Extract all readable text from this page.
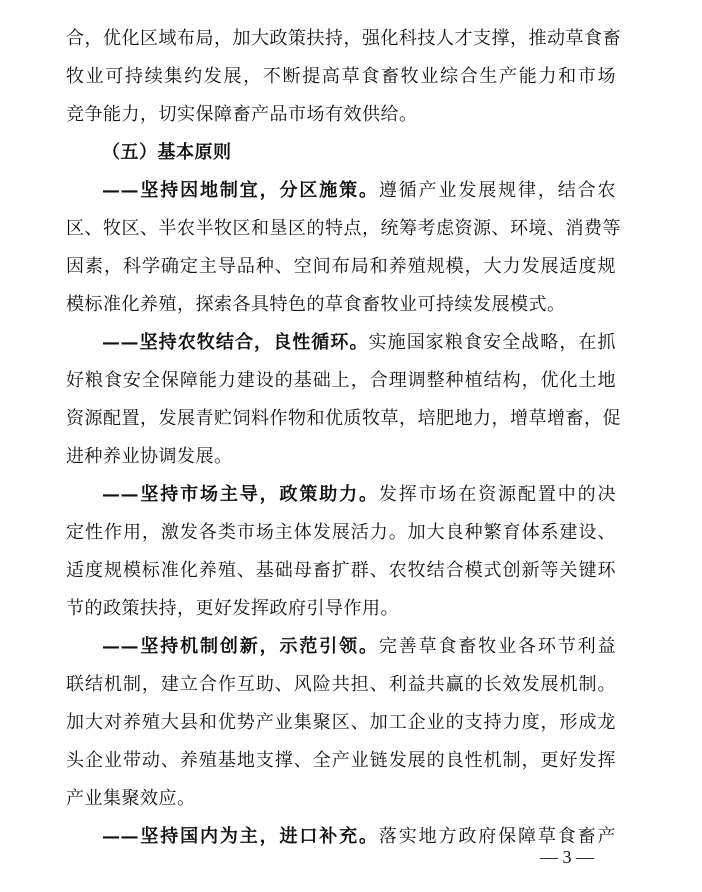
合，优化区域布局，加大政策扶持，强化科技人才支撑，推动草食畜
牧业可持续集约发展，不断提高草食畜牧业综合生产能力和市场
竞争能力，切实保障畜产品市场有效供给。
（五）基本原则
——坚持因地制宜，分区施策。遵循产业发展规律，结合农
区、牧区、半农半牧区和垦区的特点，统筹考虑资源、环境、消费等
因素，科学确定主导品种、空间布局和养殖规模，大力发展适度规
模标准化养殖，探索各具特色的草食畜牧业可持续发展模式。
——坚持农牧结合，良性循环。实施国家粮食安全战略，在抓
好粮食安全保障能力建设的基础上，合理调整种植结构，优化土地
资源配置，发展青贮饲料作物和优质牧草，培肥地力，增草增畜，促
进种养业协调发展。
——坚持市场主导，政策助力。发挥市场在资源配置中的决
定性作用，激发各类市场主体发展活力。加大良种繁育体系建设、
适度规模标准化养殖、基础母畜扩群、农牧结合模式创新等关键环
节的政策扶持，更好发挥政府引导作用。
——坚持机制创新，示范引领。完善草食畜牧业各环节利益
联结机制，建立合作互助、风险共担、利益共赢的长效发展机制。
加大对养殖大县和优势产业集聚区、加工企业的支持力度，形成龙
头企业带动、养殖基地支撑、全产业链发展的良性机制，更好发挥
产业集聚效应。
——坚持国内为主，进口补充。落实地方政府保障草食畜产
— 3 —
